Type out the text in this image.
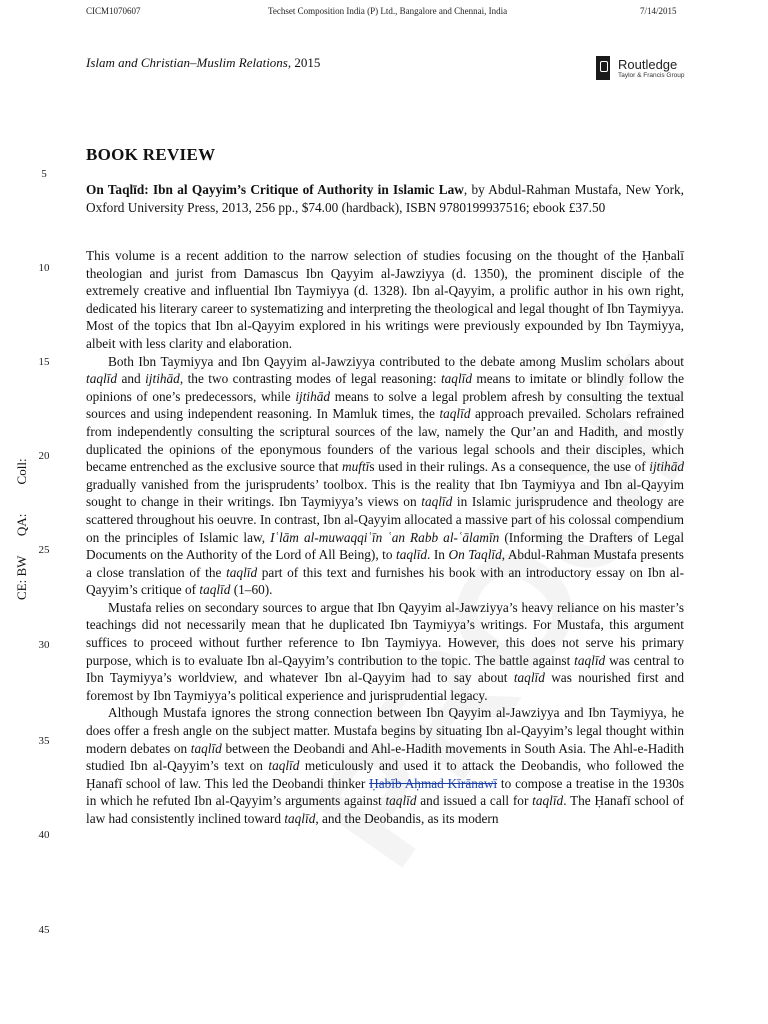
CICM1070607	Techset Composition India (P) Ltd., Bangalore and Chennai, India	7/14/2015
Islam and Christian–Muslim Relations, 2015	Routledge
Taylor & Francis Group
BOOK REVIEW
CE: BW      QA:         Coll:
5
10
15
20
25
30
35
40
45
On Taqlīd: Ibn al Qayyim’s Critique of Authority in Islamic Law, by Abdul-Rahman Mustafa, New York, Oxford University Press, 2013, 256 pp., $74.00 (hardback), ISBN 9780199937516; ebook £37.50

This volume is a recent addition to the narrow selection of studies focusing on the thought of the Ḥanbalī theologian and jurist from Damascus Ibn Qayyim al-Jawziyya (d. 1350), the prominent disciple of the extremely creative and influential Ibn Taymiyya (d. 1328). Ibn al-Qayyim, a prolific author in his own right, dedicated his literary career to systematizing and interpreting the theological and legal thought of Ibn Taymiyya. Most of the topics that Ibn al-Qayyim explored in his writings were previously expounded by Ibn Taymiyya, albeit with less clarity and elaboration.

Both Ibn Taymiyya and Ibn Qayyim al-Jawziyya contributed to the debate among Muslim scholars about taqlīd and ijtihād, the two contrasting modes of legal reasoning: taqlīd means to imitate or blindly follow the opinions of one’s predecessors, while ijtihād means to solve a legal problem afresh by consulting the textual sources and using independent reasoning. In Mamluk times, the taqlīd approach prevailed. Scholars refrained from independently consulting the scriptural sources of the law, namely the Qur’an and Hadith, and mostly duplicated the opinions of the eponymous founders of the various legal schools and their disciples, which became entrenched as the exclusive source that muftīs used in their rulings. As a consequence, the use of ijtihād gradually vanished from the jurisprudents’ toolbox. This is the reality that Ibn Taymiyya and Ibn al-Qayyim sought to change in their writings. Ibn Taymiyya’s views on taqlīd in Islamic jurisprudence and theology are scattered throughout his oeuvre. In contrast, Ibn al-Qayyim allocated a massive part of his colossal compendium on the principles of Islamic law, Iʿlām al-muwaqqiʿīn ʿan Rabb al-ʿālamīn (Informing the Drafters of Legal Documents on the Authority of the Lord of All Being), to taqlīd. In On Taqlīd, Abdul-Rahman Mustafa presents a close translation of the taqlīd part of this text and furnishes his book with an introductory essay on Ibn al-Qayyim’s critique of taqlīd (1–60).

Mustafa relies on secondary sources to argue that Ibn Qayyim al-Jawziyya’s heavy reliance on his master’s teachings did not necessarily mean that he duplicated Ibn Taymiyya’s writings. For Mustafa, this argument suffices to proceed without further reference to Ibn Taymiyya. However, this does not serve his primary purpose, which is to evaluate Ibn al-Qayyim’s contribution to the topic. The battle against taqlīd was central to Ibn Taymiyya’s worldview, and whatever Ibn al-Qayyim had to say about taqlīd was nourished first and foremost by Ibn Taymiyya’s political experience and jurisprudential legacy.

Although Mustafa ignores the strong connection between Ibn Qayyim al-Jawziyya and Ibn Taymiyya, he does offer a fresh angle on the subject matter. Mustafa begins by situating Ibn al-Qayyim’s legal thought within modern debates on taqlīd between the Deobandi and Ahl-e-Hadith movements in South Asia. The Ahl-e-Hadith studied Ibn al-Qayyim’s text on taqlīd meticulously and used it to attack the Deobandis, who followed the Ḥanafī school of law. This led the Deobandi thinker Ḥabīb Aḥmad Kīrānawī to compose a treatise in the 1930s in which he refuted Ibn al-Qayyim’s arguments against taqlīd and issued a call for taqlīd. The Ḥanafī school of law had consistently inclined toward taqlīd, and the Deobandis, as its modern
